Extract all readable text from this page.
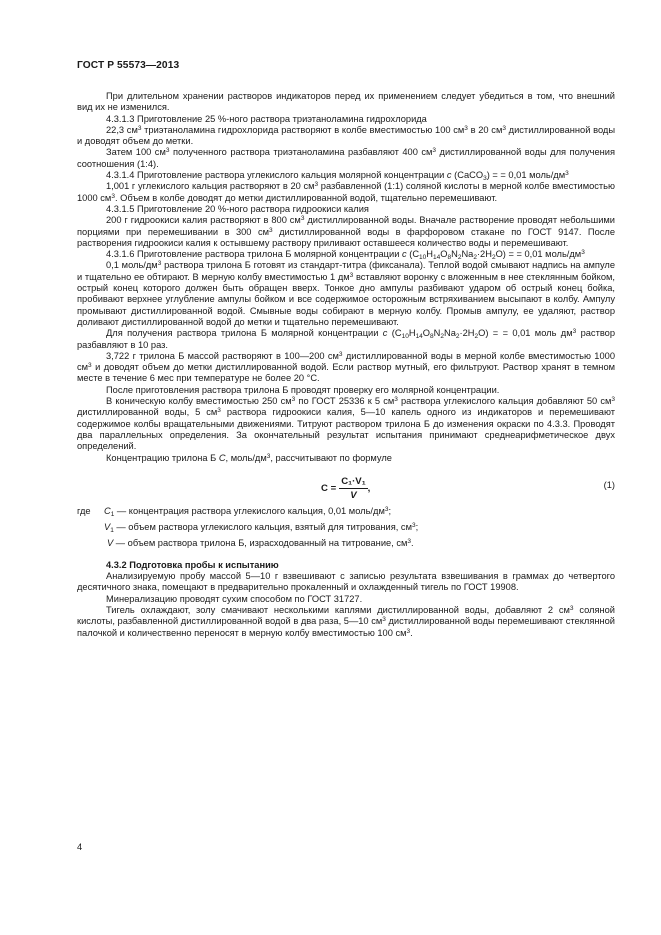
ГОСТ Р 55573—2013

При длительном хранении растворов индикаторов перед их применением следует убедиться в том, что внешний вид их не изменился.

4.3.1.3 Приготовление 25 %-ного раствора триэтаноламина гидрохлорида

22,3 $см^3$ триэтаноламина гидрохлорида растворяют в колбе вместимостью 100 $см^3$ в 20 $см^3$ дистиллированной воды и доводят объем до метки.

Затем 100 $см^3$ полученного раствора триэтаноламина разбавляют 400 $см^3$ дистиллированной воды для получения соотношения (1:4).

4.3.1.4 Приготовление раствора углекислого кальция молярной концентрации c (CaCO$_3$) = = 0,01 моль/$дм^3$

1,001 г углекислого кальция растворяют в 20 $см^3$ разбавленной (1:1) соляной кислоты в мерной колбе вместимостью 1000 $см^3$. Объем в колбе доводят до метки дистиллированной водой, тщательно перемешивают.

4.3.1.5 Приготовление 20 %-ного раствора гидроокиси калия

200 г гидроокиси калия растворяют в 800 $см^3$ дистиллированной воды. Вначале растворение проводят небольшими порциями при перемешивании в 300 $см^3$ дистиллированной воды в фарфоровом стакане по ГОСТ 9147. После растворения гидроокиси калия к остывшему раствору приливают оставшееся количество воды и перемешивают.

4.3.1.6 Приготовление раствора трилона Б молярной концентрации c $(C_{10}H_{14}O_8N_2Na_2\cdot 2H_2O)$ = = 0,01 моль/$дм^3$

0,1 моль/$дм^3$ раствора трилона Б готовят из стандарт-титра (фиксанала). Теплой водой смывают надпись на ампуле и тщательно ее обтирают. В мерную колбу вместимостью 1 $дм^3$ вставляют воронку с вложенным в нее стеклянным бойком, острый конец которого должен быть обращен вверх. Тонкое дно ампулы разбивают ударом об острый конец бойка, пробивают верхнее углубление ампулы бойком и все содержимое осторожным встряхиванием высыпают в колбу. Ампулу промывают дистиллированной водой. Смывные воды собирают в мерную колбу. Промыв ампулу, ее удаляют, раствор доливают дистиллированной водой до метки и тщательно перемешивают.

Для получения раствора трилона Б молярной концентрации c $(C_{10}H_{14}O_8N_2Na_2\cdot 2H_2O)$ = = 0,01 моль $дм^3$ раствор разбавляют в 10 раз.

3,722 г трилона Б массой растворяют в 100—200 $см^3$ дистиллированной воды в мерной колбе вместимостью 1000 $см^3$ и доводят объем до метки дистиллированной водой. Если раствор мутный, его фильтруют. Раствор хранят в темном месте в течение 6 мес при температуре не более 20 °С.

После приготовления раствора трилона Б проводят проверку его молярной концентрации.

В коническую колбу вместимостью 250 $см^3$ по ГОСТ 25336 к 5 $см^3$ раствора углекислого кальция добавляют 50 $см^3$ дистиллированной воды, 5 $см^3$ раствора гидроокиси калия, 5—10 капель одного из индикаторов и перемешивают содержимое колбы вращательными движениями. Титруют раствором трилона Б до изменения окраски по 4.3.3. Проводят два параллельных определения. За окончательный результат испытания принимают среднеарифметическое двух определений.

Концентрацию трилона Б C, моль/$дм^3$, рассчитывают по формуле

$C = \frac{\text{C₁·V₁}}{V}$ ,	(1)
где $C_1$ — концентрация раствора углекислого кальция, 0,01 моль/$дм^3$;
$V_1$ — объем раствора углекислого кальция, взятый для титрования, $см^3$;
V — объем раствора трилона Б, израсходованный на титрование, $см^3$.

4.3.2 Подготовка пробы к испытанию

Анализируемую пробу массой 5—10 г взвешивают с записью результата взвешивания в граммах до четвертого десятичного знака, помещают в предварительно прокаленный и охлажденный тигель по ГОСТ 19908.

Минерализацию проводят сухим способом по ГОСТ 31727.

Тигель охлаждают, золу смачивают несколькими каплями дистиллированной воды, добавляют 2 $см^3$ соляной кислоты, разбавленной дистиллированной водой в два раза, 5—10 $см^3$ дистиллированной воды перемешивают стеклянной палочкой и количественно переносят в мерную колбу вместимостью 100 $см^3$.

4
